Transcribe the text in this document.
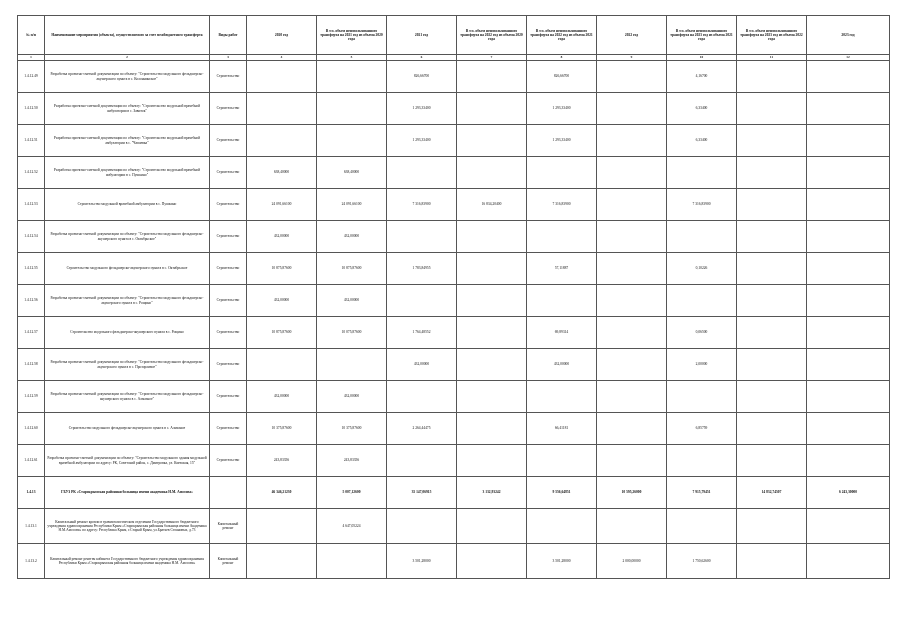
№ п/п	Наименование мероприятия (объекта), осуществляемого за счет межбюджетного трансферта	Виды работ	2020 год	В т.ч. объем неиспользованного трансферта на 2021 год из объема 2020 года	2021 год	В т.ч. объем неиспользованного трансферта на 2022 год из объема 2020 года	В т.ч. объем неиспользованного трансферта на 2022 год из объема 2021 года	2022 год	В т.ч. объем неиспользованного трансферта на 2023 год из объема 2021 года	В т.ч. объем неиспользованного трансферта на 2023 год из объема 2022 года	2023 год
1	2	3	4	5	6	7	8	9	10	11	12
1.4.12.49	Разработка проектно-сметной документации по объекту: "Строительство модульного фельдшерско-акушерского пункта в с. Колоннинское"	Строительство			826,66700		826,66700		4,16700		
1.4.12.50	Разработка проектно-сметной документации по объекту: "Строительство модульной врачебной амбулатории в с. Завиток"	Строительство			1 293,33400		1 293,33400		6,33400		
1.4.12.51	Разработка проектно-сметной документации по объекту: "Строительство модульной врачебной амбулатории в с. "Чапаевка"	Строительство			1 293,33400		1 293,33400		6,33400		
1.4.12.52	Разработка проектно-сметной документации по объекту: "Строительство модульной врачебной амбулатории в с. Пушкино"	Строительство	638,40000	638,40000							
1.4.12.53	Строительство модульной врачебной амбулатории в с. Пушкино	Строительство	24 091,66100	24 091,66100	7 316,83900	16 834,20400	7 316,83900		7 316,83900		
1.4.12.54	Разработка проектно-сметной документации по объекту: "Строительство модульного фельдшерско-акушерского пункта в с. Октябрьское"	Строительство	432,00000	432,00000							
1.4.12.55	Строительство модульного фельдшерско-акушерского пункта в с. Октябрьское	Строительство	10 875,87600	10 875,87600	1 783,84955		57,11887		0,10226		
1.4.12.56	Разработка проектно-сметной документации по объекту: "Строительство модульного фельдшерско-акушерского пункта в с. Рощино"	Строительство	432,00000	432,00000							
1.4.12.57	Строительство модульного фельдшерско-акушерского пункта в с. Рощино	Строительство	10 875,87600	10 075,87600	1 764,48552		69,89314		0,06500		
1.4.12.58	Разработка проектно-сметной документации по объекту: "Строительство модульного фельдшерско-акушерского пункта в с. Прозорливое"	Строительство			432,00000		432,00000		2,00000		
1.4.12.59	Разработка проектно-сметной документации по объекту: "Строительство модульного фельдшерско-акушерского пункта в с. Алмазное"	Строительство	432,00000	432,00000							
1.4.12.60	Строительство модульного фельдшерско-акушерского пункта в с. Алмазное	Строительство	10 375,87600	10 375,87600	2 264,44475		66,41181		6,85759		
1.4.12.61	Разработка проектно-сметной документации по объекту: "Строительство модульного здания модульной врачебной амбулатории по адресу: РК, Советский район, с. Дмитровка, ул. Киевская, 15"	Строительство	243,83356	243,83356							
1.4.13	ГБУЗ РК «Старокрымская районная больница имени академика Н.М. Амосова»		46 346,21230	5 007,12600	35 147,06915	3 132,93242	9 556,64851	10 595,26000	7 915,79451	14 832,74507	6 243,30000
1.4.13.1	Капитальный ремонт кровли в травматологическом отделении Государственного бюджетного учреждения здравоохранения Республики Крым «Старокрымская районная больница имени Академика Н.М.Амосова» по адресу: Республика Крым, г.Старый Крым, ул.Братьев Стояновых, д.73	Капитальный ремонт		4 647,05224							
1.4.13.2	Капитальный ремонт рентген кабинета Государственного бюджетного учреждения здравоохранения Республики Крым «Старокрымская районная больница имени академика Н.М. Амосова»	Капитальный ремонт			3 501,28000		3 501,28000	2 000,00000	1 750,62600		
